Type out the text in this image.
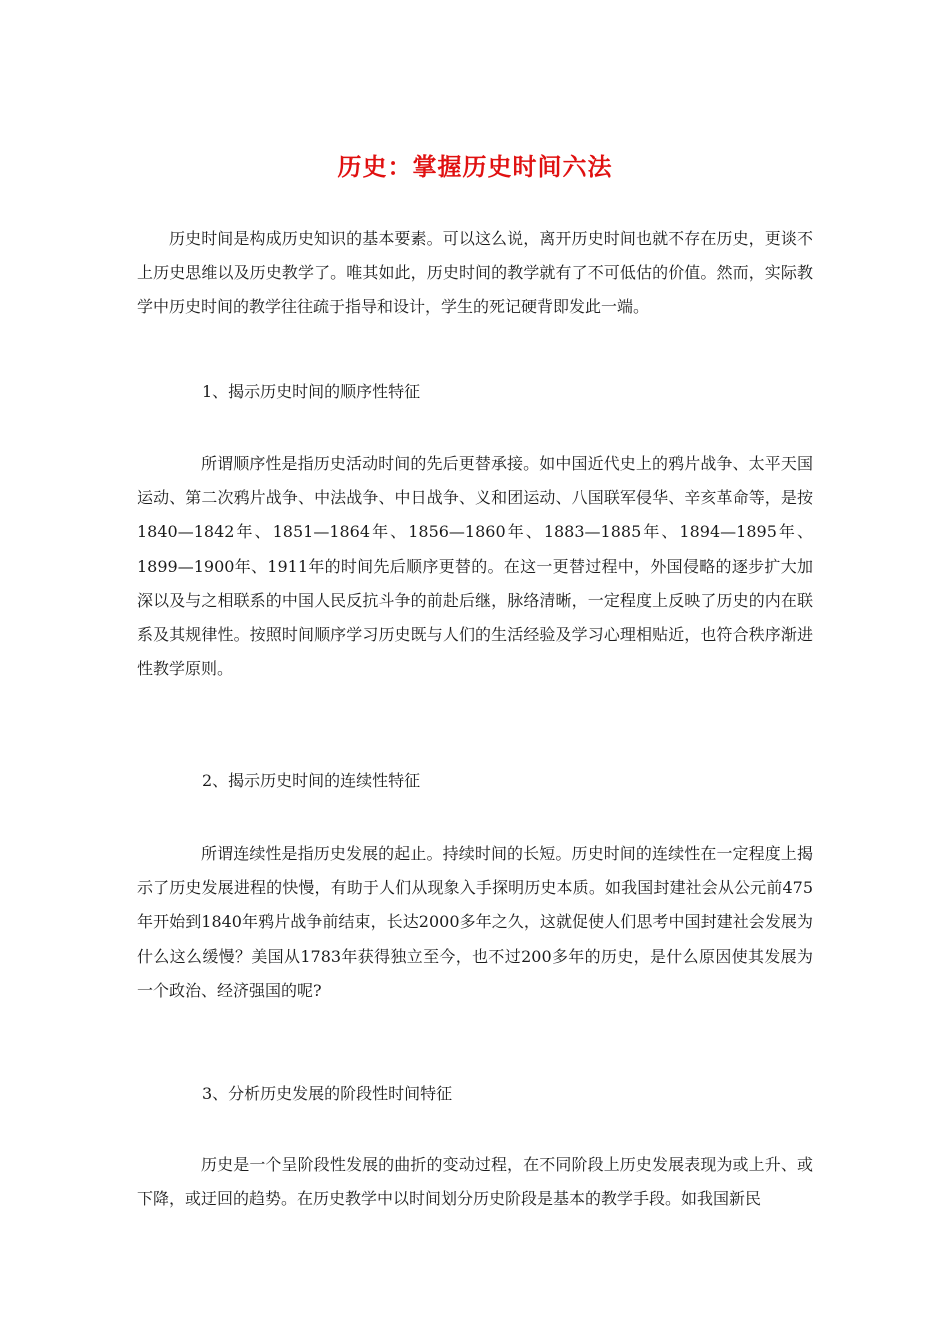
历史：掌握历史时间六法

历史时间是构成历史知识的基本要素。可以这么说，离开历史时间也就不存在历史，更谈不上历史思维以及历史教学了。唯其如此，历史时间的教学就有了不可低估的价值。然而，实际教学中历史时间的教学往往疏于指导和设计，学生的死记硬背即发此一端。

1、揭示历史时间的顺序性特征

所谓顺序性是指历史活动时间的先后更替承接。如中国近代史上的鸦片战争、太平天国运动、第二次鸦片战争、中法战争、中日战争、义和团运动、八国联军侵华、辛亥革命等，是按1840—1842年、1851—1864年、1856—1860年、1883—1885年、1894—1895年、1899—1900年、1911年的时间先后顺序更替的。在这一更替过程中，外国侵略的逐步扩大加深以及与之相联系的中国人民反抗斗争的前赴后继，脉络清晰，一定程度上反映了历史的内在联系及其规律性。按照时间顺序学习历史既与人们的生活经验及学习心理相贴近，也符合秩序渐进性教学原则。

2、揭示历史时间的连续性特征

所谓连续性是指历史发展的起止。持续时间的长短。历史时间的连续性在一定程度上揭示了历史发展进程的快慢，有助于人们从现象入手探明历史本质。如我国封建社会从公元前475年开始到1840年鸦片战争前结束，长达2000多年之久，这就促使人们思考中国封建社会发展为什么这么缓慢？美国从1783年获得独立至今，也不过200多年的历史，是什么原因使其发展为一个政治、经济强国的呢?

3、分析历史发展的阶段性时间特征

历史是一个呈阶段性发展的曲折的变动过程，在不同阶段上历史发展表现为或上升、或下降，或迂回的趋势。在历史教学中以时间划分历史阶段是基本的教学手段。如我国新民
